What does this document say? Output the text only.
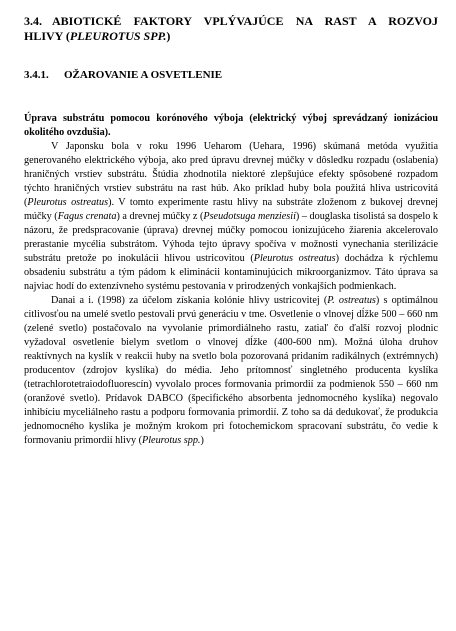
3.4. ABIOTICKÉ FAKTORY VPLÝVAJÚCE NA RAST A ROZVOJ
HLIVY (PLEUROTUS SPP.)
3.4.1. OŽAROVANIE A OSVETLENIE

Úprava substrátu pomocou korónového výboja (elektrický výboj sprevádzaný ionizáciou okolitého ovzdušia).

V Japonsku bola v roku 1996 Ueharom (Uehara, 1996) skúmaná metóda využitia generovaného elektrického výboja, ako pred úpravu drevnej múčky v dôsledku rozpadu (oslabenia) hraničných vrstiev substrátu. Štúdia zhodnotila niektoré zlepšujúce efekty spôsobené rozpadom týchto hraničných vrstiev substrátu na rast húb. Ako príklad huby bola použitá hliva ustricovitá (Pleurotus ostreatus). V tomto experimente rastu hlivy na substráte zloženom z bukovej drevnej múčky (Fagus crenata) a drevnej múčky z (Pseudotsuga menziesii) – douglaska tisolistá sa dospelo k názoru, že predspracovanie (úprava) drevnej múčky pomocou ionizujúceho žiarenia akcelerovalo prerastanie mycélia substrátom. Výhoda tejto úpravy spočíva v možnosti vynechania sterilizácie substrátu pretože po inokulácii hlivou ustricovitou (Pleurotus ostreatus) dochádza k rýchlemu obsadeniu substrátu a tým pádom k eliminácii kontaminujúcich mikroorganizmov. Táto úprava sa najviac hodí do extenzívneho systému pestovania v prirodzených vonkajších podmienkach.

Danai a i. (1998) za účelom získania kolónie hlivy ustricovitej (P. ostreatus) s optimálnou citlivosťou na umelé svetlo pestovali prvú generáciu v tme. Osvetlenie o vlnovej dĺžke 500 – 660 nm (zelené svetlo) postačovalo na vyvolanie primordiálneho rastu, zatiaľ čo ďalší rozvoj plodnic vyžadoval osvetlenie bielym svetlom o vlnovej dĺžke (400-600 nm). Možná úloha druhov reaktívnych na kyslík v reakcii huby na svetlo bola pozorovaná pridaním radikálnych (extrémnych) producentov (zdrojov kyslíka) do média. Jeho prítomnosť singletného producenta kyslíka (tetrachlorotetraiodofluorescín) vyvolalo proces formovania primordií za podmienok 550 – 660 nm (oranžové svetlo). Prídavok DABCO (špecifického absorbenta jednomocného kyslíka) negovalo inhibíciu myceliálneho rastu a podporu formovania primordií. Z toho sa dá dedukovať, že produkcia jednomocného kyslíka je možným krokom pri fotochemickom spracovaní substrátu, čo vedie k formovaniu primordií hlivy (Pleurotus spp.)
